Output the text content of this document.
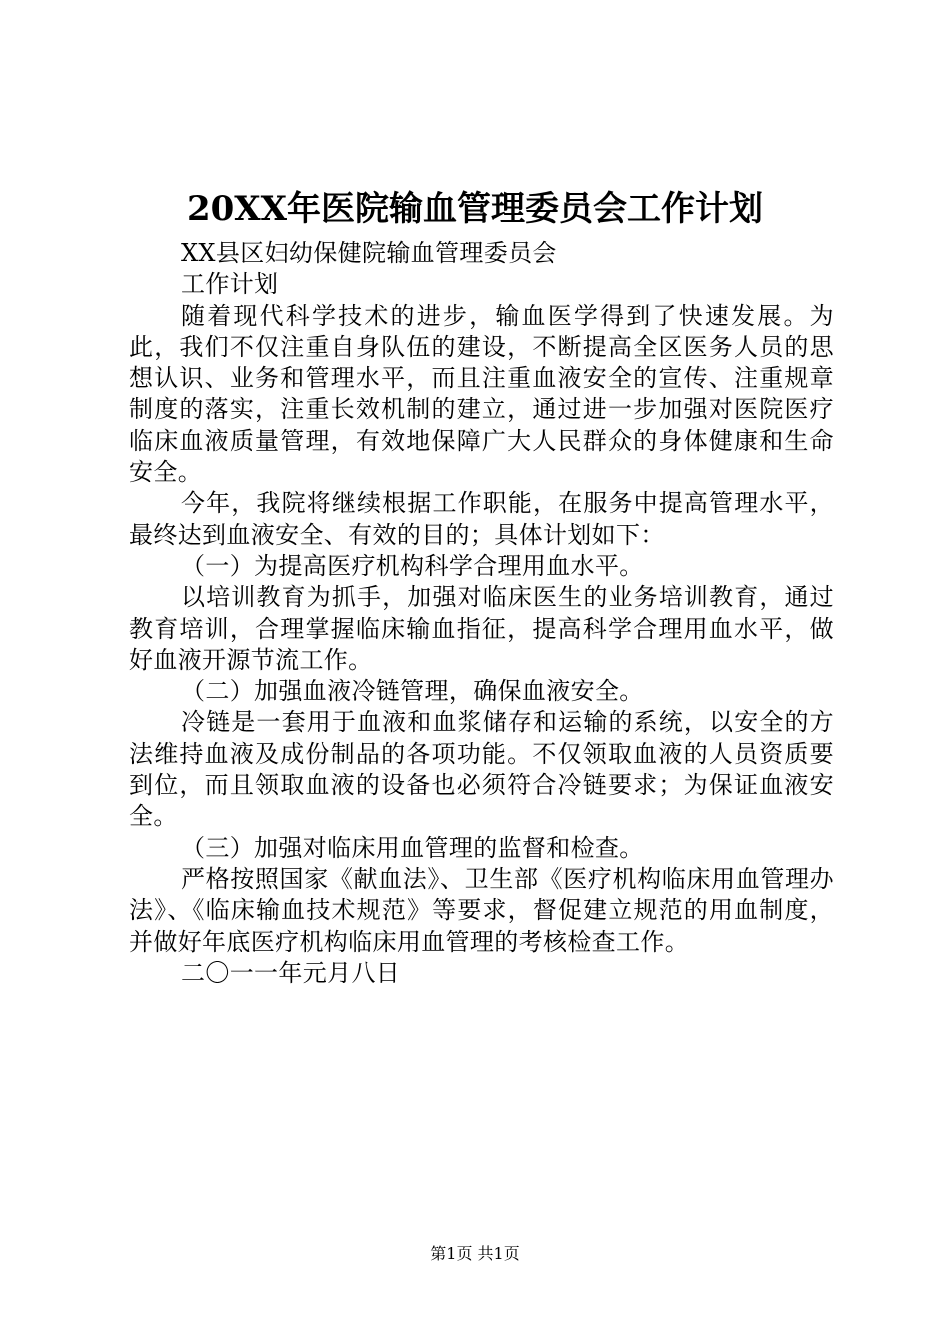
20XX年医院输血管理委员会工作计划

XX县区妇幼保健院输血管理委员会

工作计划

随着现代科学技术的进步，输血医学得到了快速发展。为此，我们不仅注重自身队伍的建设，不断提高全区医务人员的思想认识、业务和管理水平，而且注重血液安全的宣传、注重规章制度的落实，注重长效机制的建立，通过进一步加强对医院医疗临床血液质量管理，有效地保障广大人民群众的身体健康和生命安全。

今年，我院将继续根据工作职能，在服务中提高管理水平，最终达到血液安全、有效的目的；具体计划如下：

（一）为提高医疗机构科学合理用血水平。

以培训教育为抓手，加强对临床医生的业务培训教育，通过教育培训，合理掌握临床输血指征，提高科学合理用血水平，做好血液开源节流工作。

（二）加强血液冷链管理，确保血液安全。

冷链是一套用于血液和血浆储存和运输的系统，以安全的方法维持血液及成份制品的各项功能。不仅领取血液的人员资质要到位，而且领取血液的设备也必须符合冷链要求；为保证血液安全。

（三）加强对临床用血管理的监督和检查。

严格按照国家《献血法》、卫生部《医疗机构临床用血管理办法》、《临床输血技术规范》等要求，督促建立规范的用血制度，并做好年底医疗机构临床用血管理的考核检查工作。

二〇一一年元月八日

第1页 共1页
